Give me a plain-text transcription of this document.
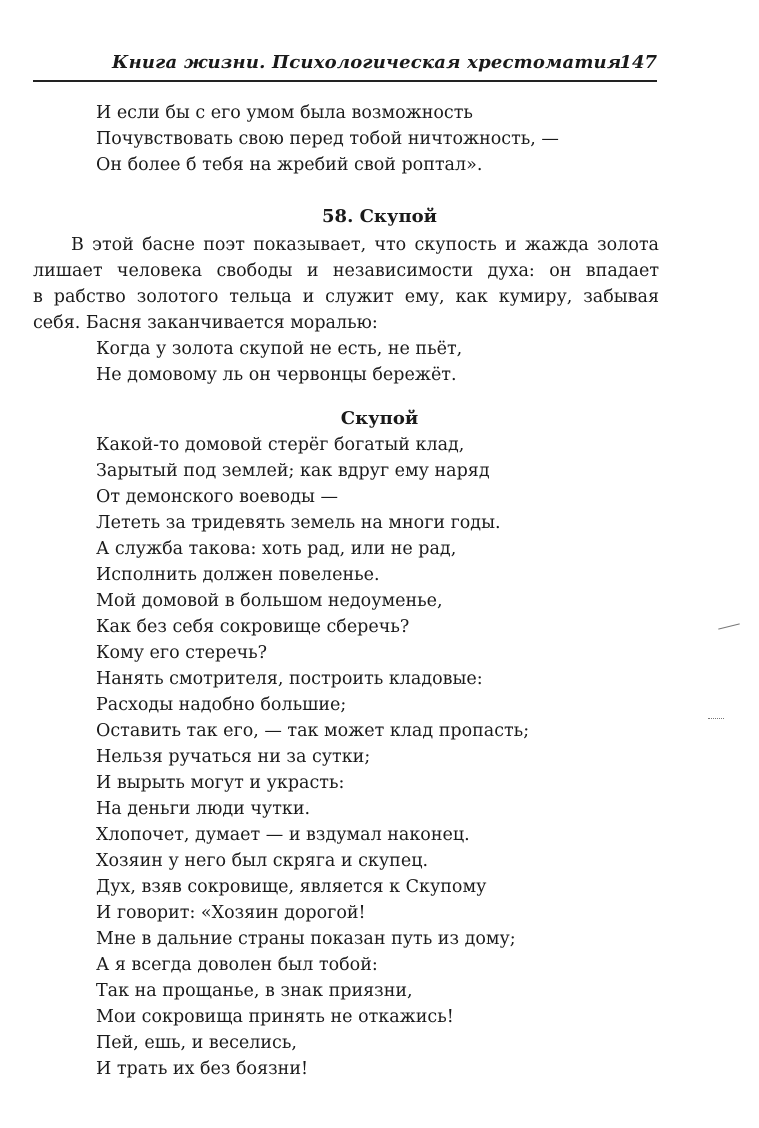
Книга жизни. Психологическая хрестоматия
147
И если бы с его умом была возможность
Почувствовать свою перед тобой ничтожность, —
Он более б тебя на жребий свой роптал».
58. Скупой
В этой басне поэт показывает, что скупость и жажда золота
лишает человека свободы и независимости духа: он впадает
в рабство золотого тельца и служит ему, как кумиру, забывая
себя. Басня заканчивается моралью:
Когда у золота скупой не есть, не пьёт,
Не домовому ль он червонцы бережёт.
Скупой
Какой-то домовой стерёг богатый клад,
Зарытый под землей; как вдруг ему наряд
От демонского воеводы —
Лететь за тридевять земель на многи годы.
А служба такова: хоть рад, или не рад,
Исполнить должен повеленье.
Мой домовой в большом недоуменье,
Как без себя сокровище сберечь?
Кому его стеречь?
Нанять смотрителя, построить кладовые:
Расходы надобно большие;
Оставить так его, — так может клад пропасть;
Нельзя ручаться ни за сутки;
И вырыть могут и украсть:
На деньги люди чутки.
Хлопочет, думает — и вздумал наконец.
Хозяин у него был скряга и скупец.
Дух, взяв сокровище, является к Скупому
И говорит: «Хозяин дорогой!
Мне в дальние страны показан путь из дому;
А я всегда доволен был тобой:
Так на прощанье, в знак приязни,
Мои сокровища принять не откажись!
Пей, ешь, и веселись,
И трать их без боязни!
